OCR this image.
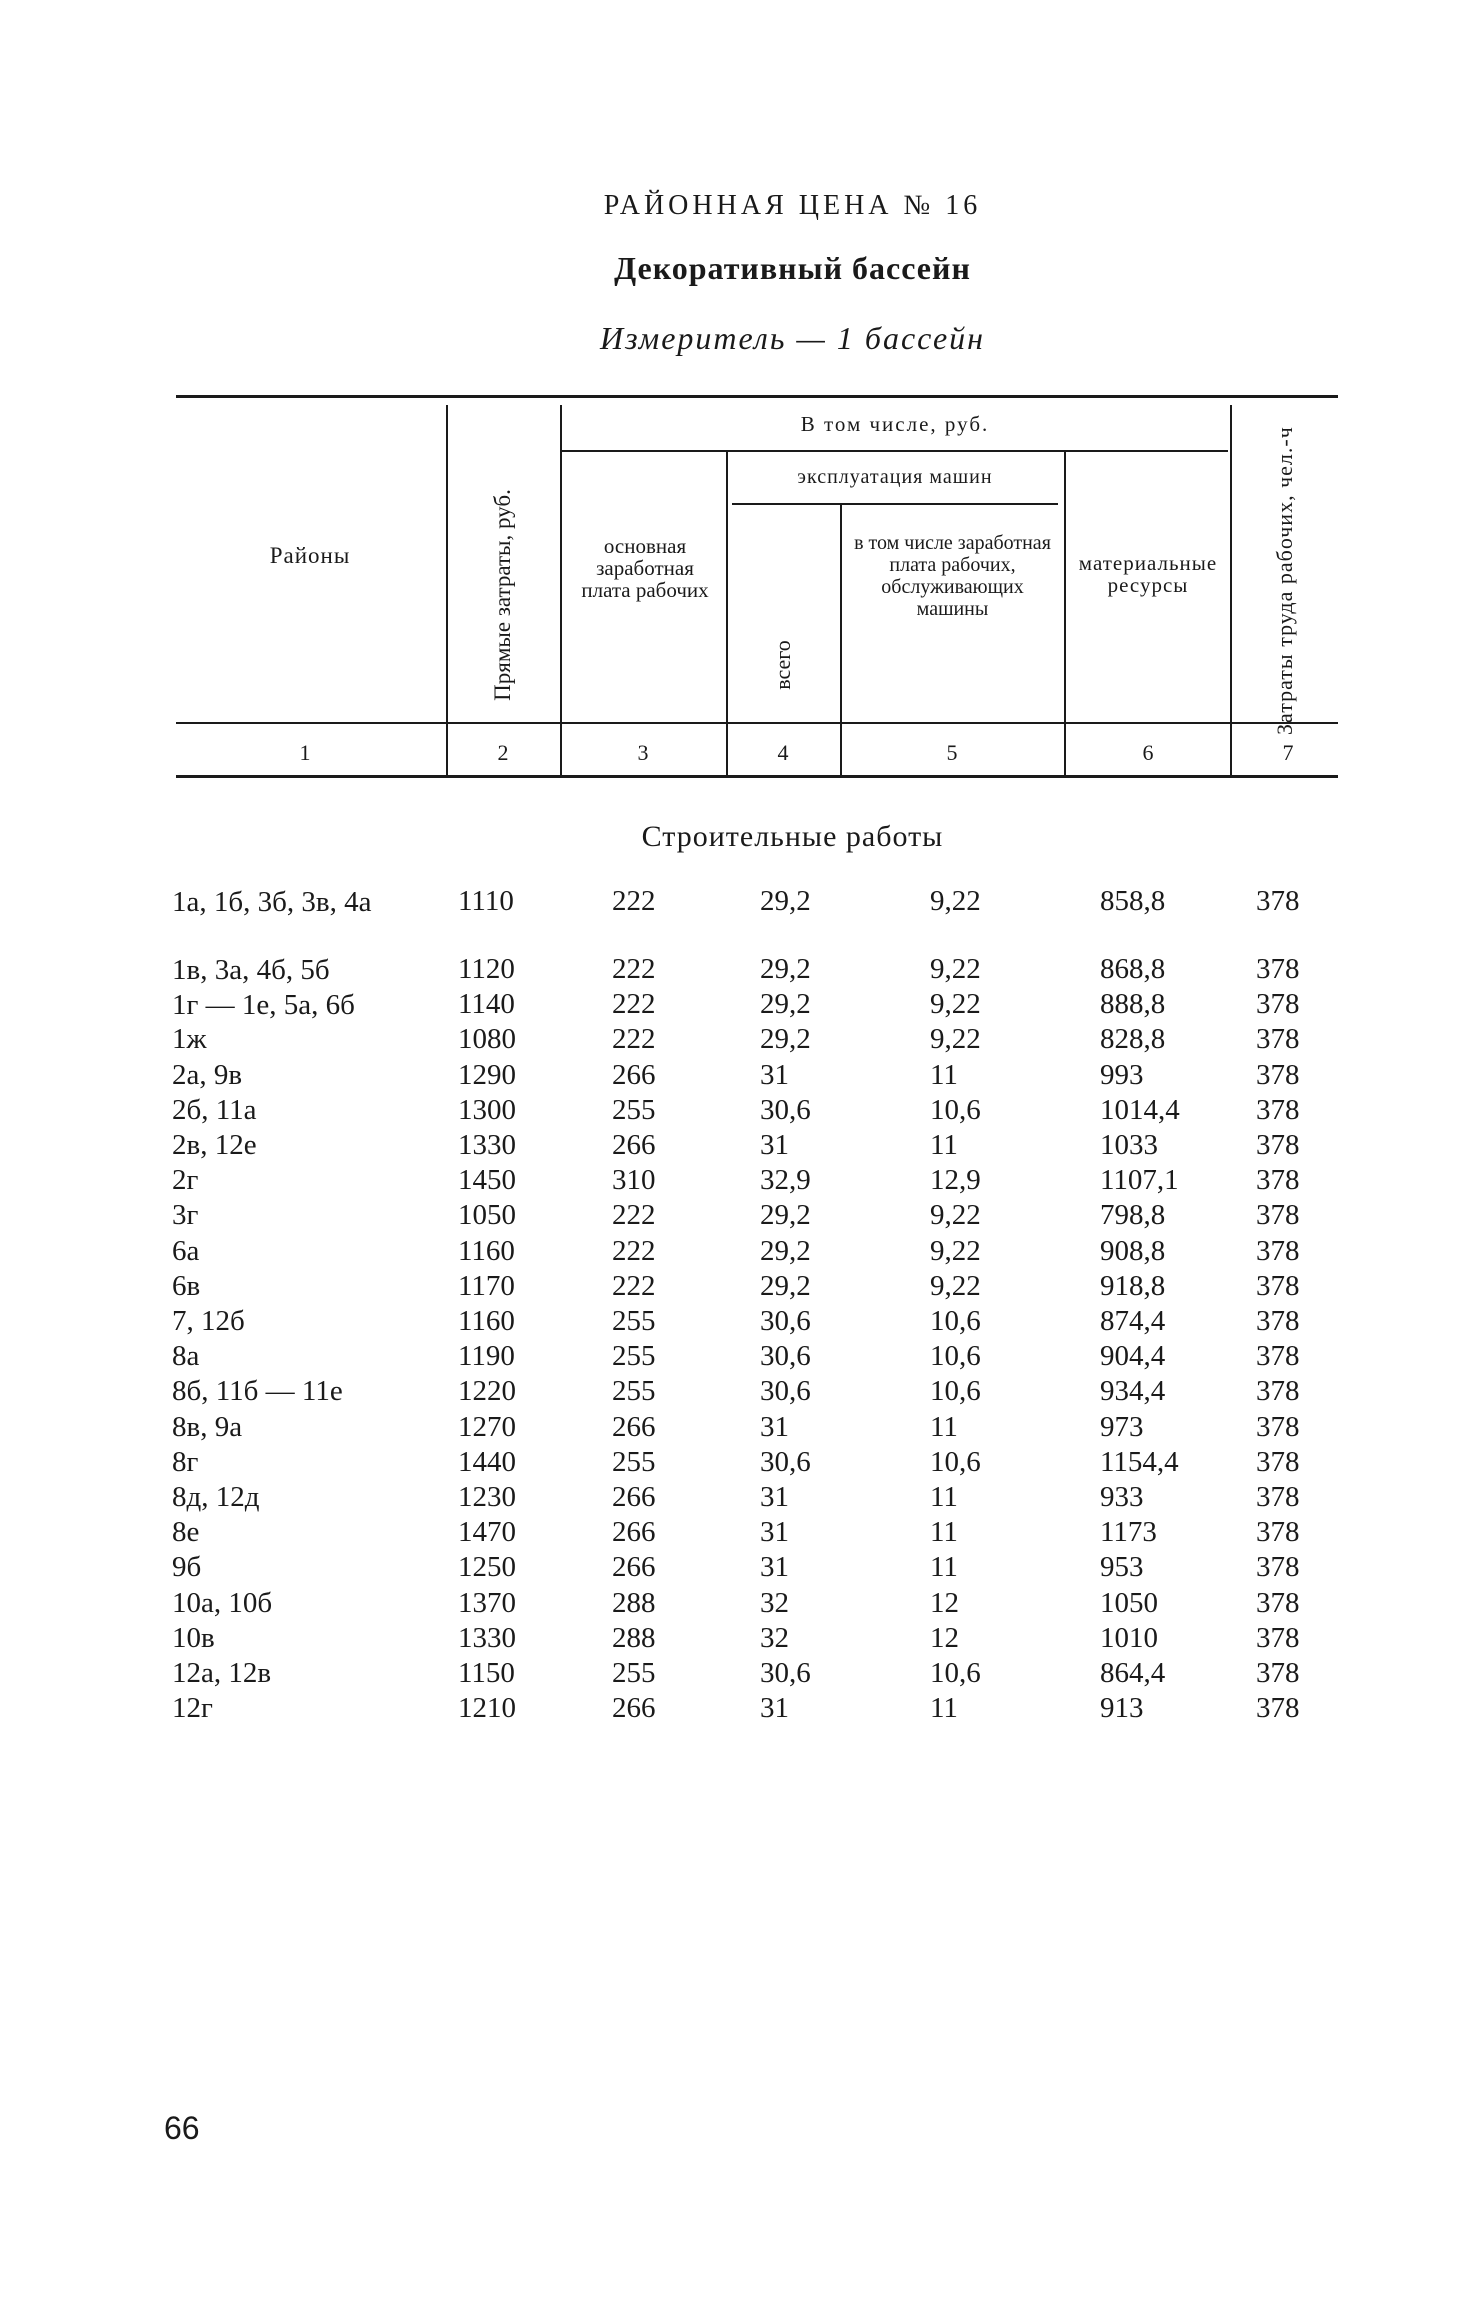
РАЙОННАЯ ЦЕНА № 16
Декоративный бассейн
Измеритель — 1 бассейн
Районы	Прямые затраты, руб.
В том числе, руб.
основная заработная плата рабочих
эксплуатация машин
всего
в том числе заработная плата рабочих, обслуживающих машины
материальные ресурсы	Затраты труда рабочих, чел.-ч
1	2	3	4	5	6	7
Строительные работы
1а, 1б, 3б, 3в, 4а	1110	222	29,2	9,22	858,8	378
1в, 3а, 4б, 5б	1120	222	29,2	9,22	868,8	378
1г — 1е, 5а, 6б	1140	222	29,2	9,22	888,8	378
1ж	1080	222	29,2	9,22	828,8	378
2а, 9в	1290	266	31	11	993	378
2б, 11а	1300	255	30,6	10,6	1014,4	378
2в, 12е	1330	266	31	11	1033	378
2г	1450	310	32,9	12,9	1107,1	378
3г	1050	222	29,2	9,22	798,8	378
6а	1160	222	29,2	9,22	908,8	378
6в	1170	222	29,2	9,22	918,8	378
7, 12б	1160	255	30,6	10,6	874,4	378
8а	1190	255	30,6	10,6	904,4	378
8б, 11б — 11е	1220	255	30,6	10,6	934,4	378
8в, 9а	1270	266	31	11	973	378
8г	1440	255	30,6	10,6	1154,4	378
8д, 12д	1230	266	31	11	933	378
8е	1470	266	31	11	1173	378
9б	1250	266	31	11	953	378
10а, 10б	1370	288	32	12	1050	378
10в	1330	288	32	12	1010	378
12а, 12в	1150	255	30,6	10,6	864,4	378
12г	1210	266	31	11	913	378
66
